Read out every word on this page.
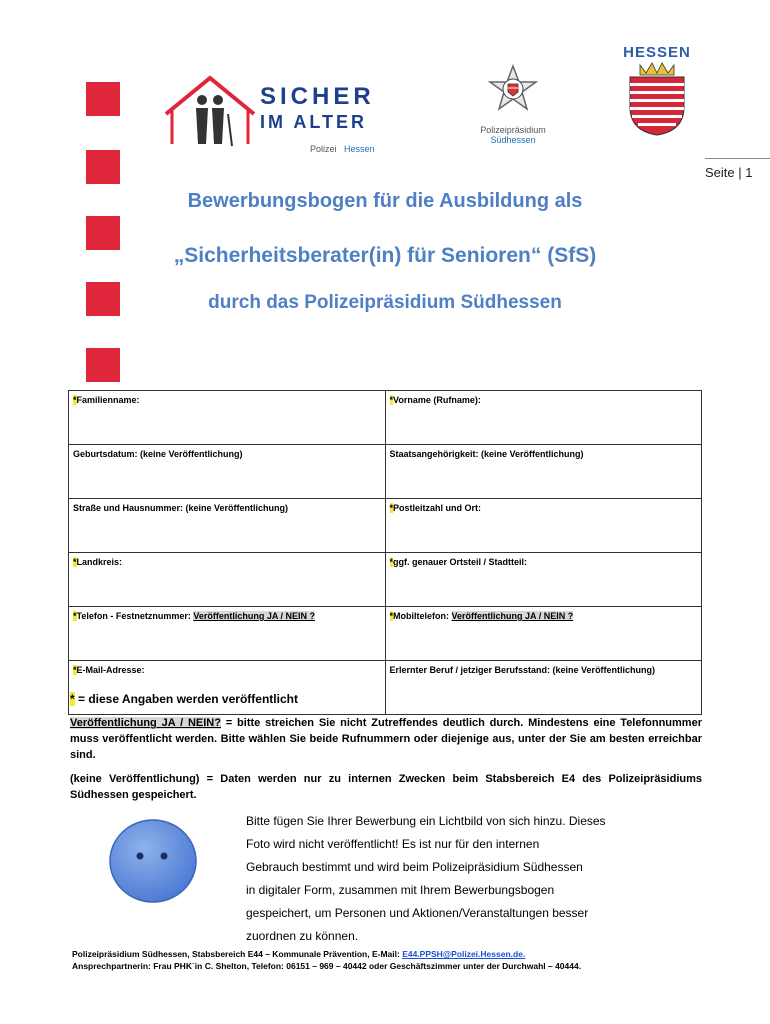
SICHER
IM ALTER
Polizei Hessen
Polizeipräsidium
Südhessen
HESSEN
Seite | 1
Bewerbungsbogen für die Ausbildung als
„Sicherheitsberater(in) für Senioren“ (SfS)
durch das Polizeipräsidium Südhessen
*Familienname:	*Vorname (Rufname):
Geburtsdatum: (keine Veröffentlichung)	Staatsangehörigkeit: (keine Veröffentlichung)
Straße und Hausnummer: (keine Veröffentlichung)	*Postleitzahl und Ort:
*Landkreis:	*ggf. genauer Ortsteil / Stadtteil:
*Telefon - Festnetznummer: Veröffentlichung JA / NEIN ?	*Mobiltelefon: Veröffentlichung JA / NEIN ?
*E-Mail-Adresse:	Erlernter Beruf / jetziger Berufsstand: (keine Veröffentlichung)
* = diese Angaben werden veröffentlicht
Veröffentlichung JA / NEIN? = bitte streichen Sie nicht Zutreffendes deutlich durch. Mindestens eine Telefonnummer muss veröffentlicht werden. Bitte wählen Sie beide Rufnummern oder diejenige aus, unter der Sie am besten erreichbar sind.
(keine Veröffentlichung) = Daten werden nur zu internen Zwecken beim Stabsbereich E4 des Polizeipräsidiums Südhessen gespeichert.
Bitte fügen Sie Ihrer Bewerbung ein Lichtbild von sich hinzu. Dieses
Foto wird nicht veröffentlicht! Es ist nur für den internen
Gebrauch bestimmt und wird beim Polizeipräsidium Südhessen
in digitaler Form, zusammen mit Ihrem Bewerbungsbogen
gespeichert, um Personen und Aktionen/Veranstaltungen besser
zuordnen zu können.
Polizeipräsidium Südhessen, Stabsbereich E44 – Kommunale Prävention, E-Mail: E44.PPSH@Polizei.Hessen.de.
Ansprechpartnerin: Frau PHK´in C. Shelton, Telefon: 06151 – 969 – 40442 oder Geschäftszimmer unter der Durchwahl – 40444.
